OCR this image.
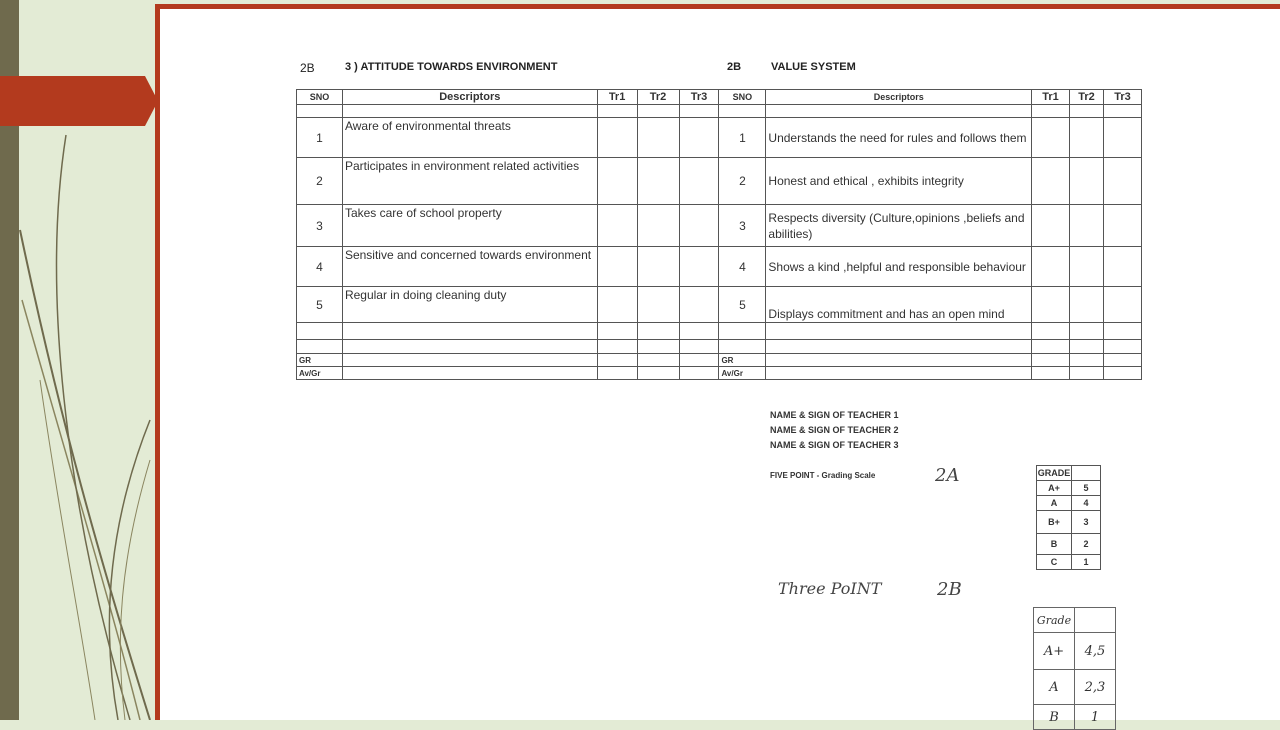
2B	3 ) ATTITUDE TOWARDS ENVIRONMENT	2B	VALUE SYSTEM
SNO	Descriptors	Tr1	Tr2	Tr3	SNO	Descriptors	Tr1	Tr2	Tr3

1	Aware of environmental threats				1	Understands the need for rules and follows them			
2	Participates in environment related activities				2	Honest and ethical , exhibits integrity			
3	Takes care of school property				3	Respects diversity (Culture,opinions ,beliefs and abilities)			
4	Sensitive and concerned towards environment				4	Shows a kind ,helpful and responsible behaviour			
5	Regular in doing cleaning duty				5	Displays commitment and has an open mind			

GR					GR				
Av/Gr					Av/Gr				
NAME & SIGN OF TEACHER 1
NAME & SIGN OF TEACHER 2
NAME & SIGN OF TEACHER 3
FIVE POINT - Grading Scale	2A
Three PoINT	2B
GRADE	
A+	5
A	4
B+	3
B	2
C	1
Grade	
A+	4,5
A	2,3
B	1
